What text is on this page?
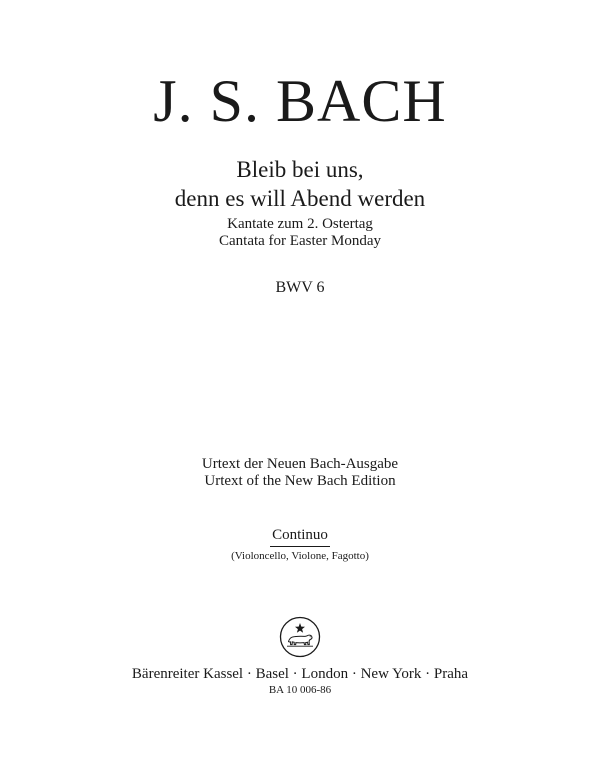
J. S. BACH

Bleib bei uns,

denn es will Abend werden

Kantate zum 2. Ostertag

Cantata for Easter Monday

BWV 6

Urtext der Neuen Bach-Ausgabe

Urtext of the New Bach Edition

Continuo

(Violoncello, Violone, Fagotto)

Bärenreiter Kassel · Basel · London · New York · Praha

BA 10 006-86
